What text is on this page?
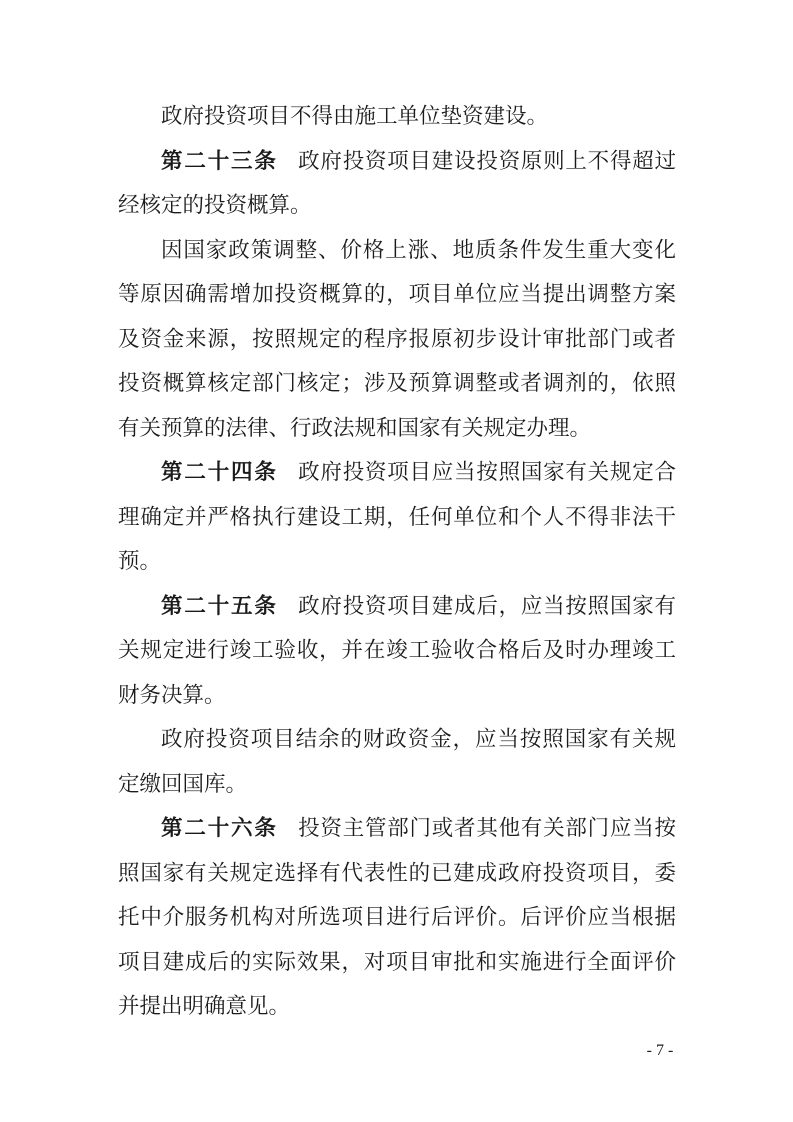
政府投资项目不得由施工单位垫资建设。

第二十三条 政府投资项目建设投资原则上不得超过经核定的投资概算。

因国家政策调整、价格上涨、地质条件发生重大变化等原因确需增加投资概算的，项目单位应当提出调整方案及资金来源，按照规定的程序报原初步设计审批部门或者投资概算核定部门核定；涉及预算调整或者调剂的，依照有关预算的法律、行政法规和国家有关规定办理。

第二十四条 政府投资项目应当按照国家有关规定合理确定并严格执行建设工期，任何单位和个人不得非法干预。

第二十五条 政府投资项目建成后，应当按照国家有关规定进行竣工验收，并在竣工验收合格后及时办理竣工财务决算。

政府投资项目结余的财政资金，应当按照国家有关规定缴回国库。

第二十六条 投资主管部门或者其他有关部门应当按照国家有关规定选择有代表性的已建成政府投资项目，委托中介服务机构对所选项目进行后评价。后评价应当根据项目建成后的实际效果，对项目审批和实施进行全面评价并提出明确意见。

- 7 -
